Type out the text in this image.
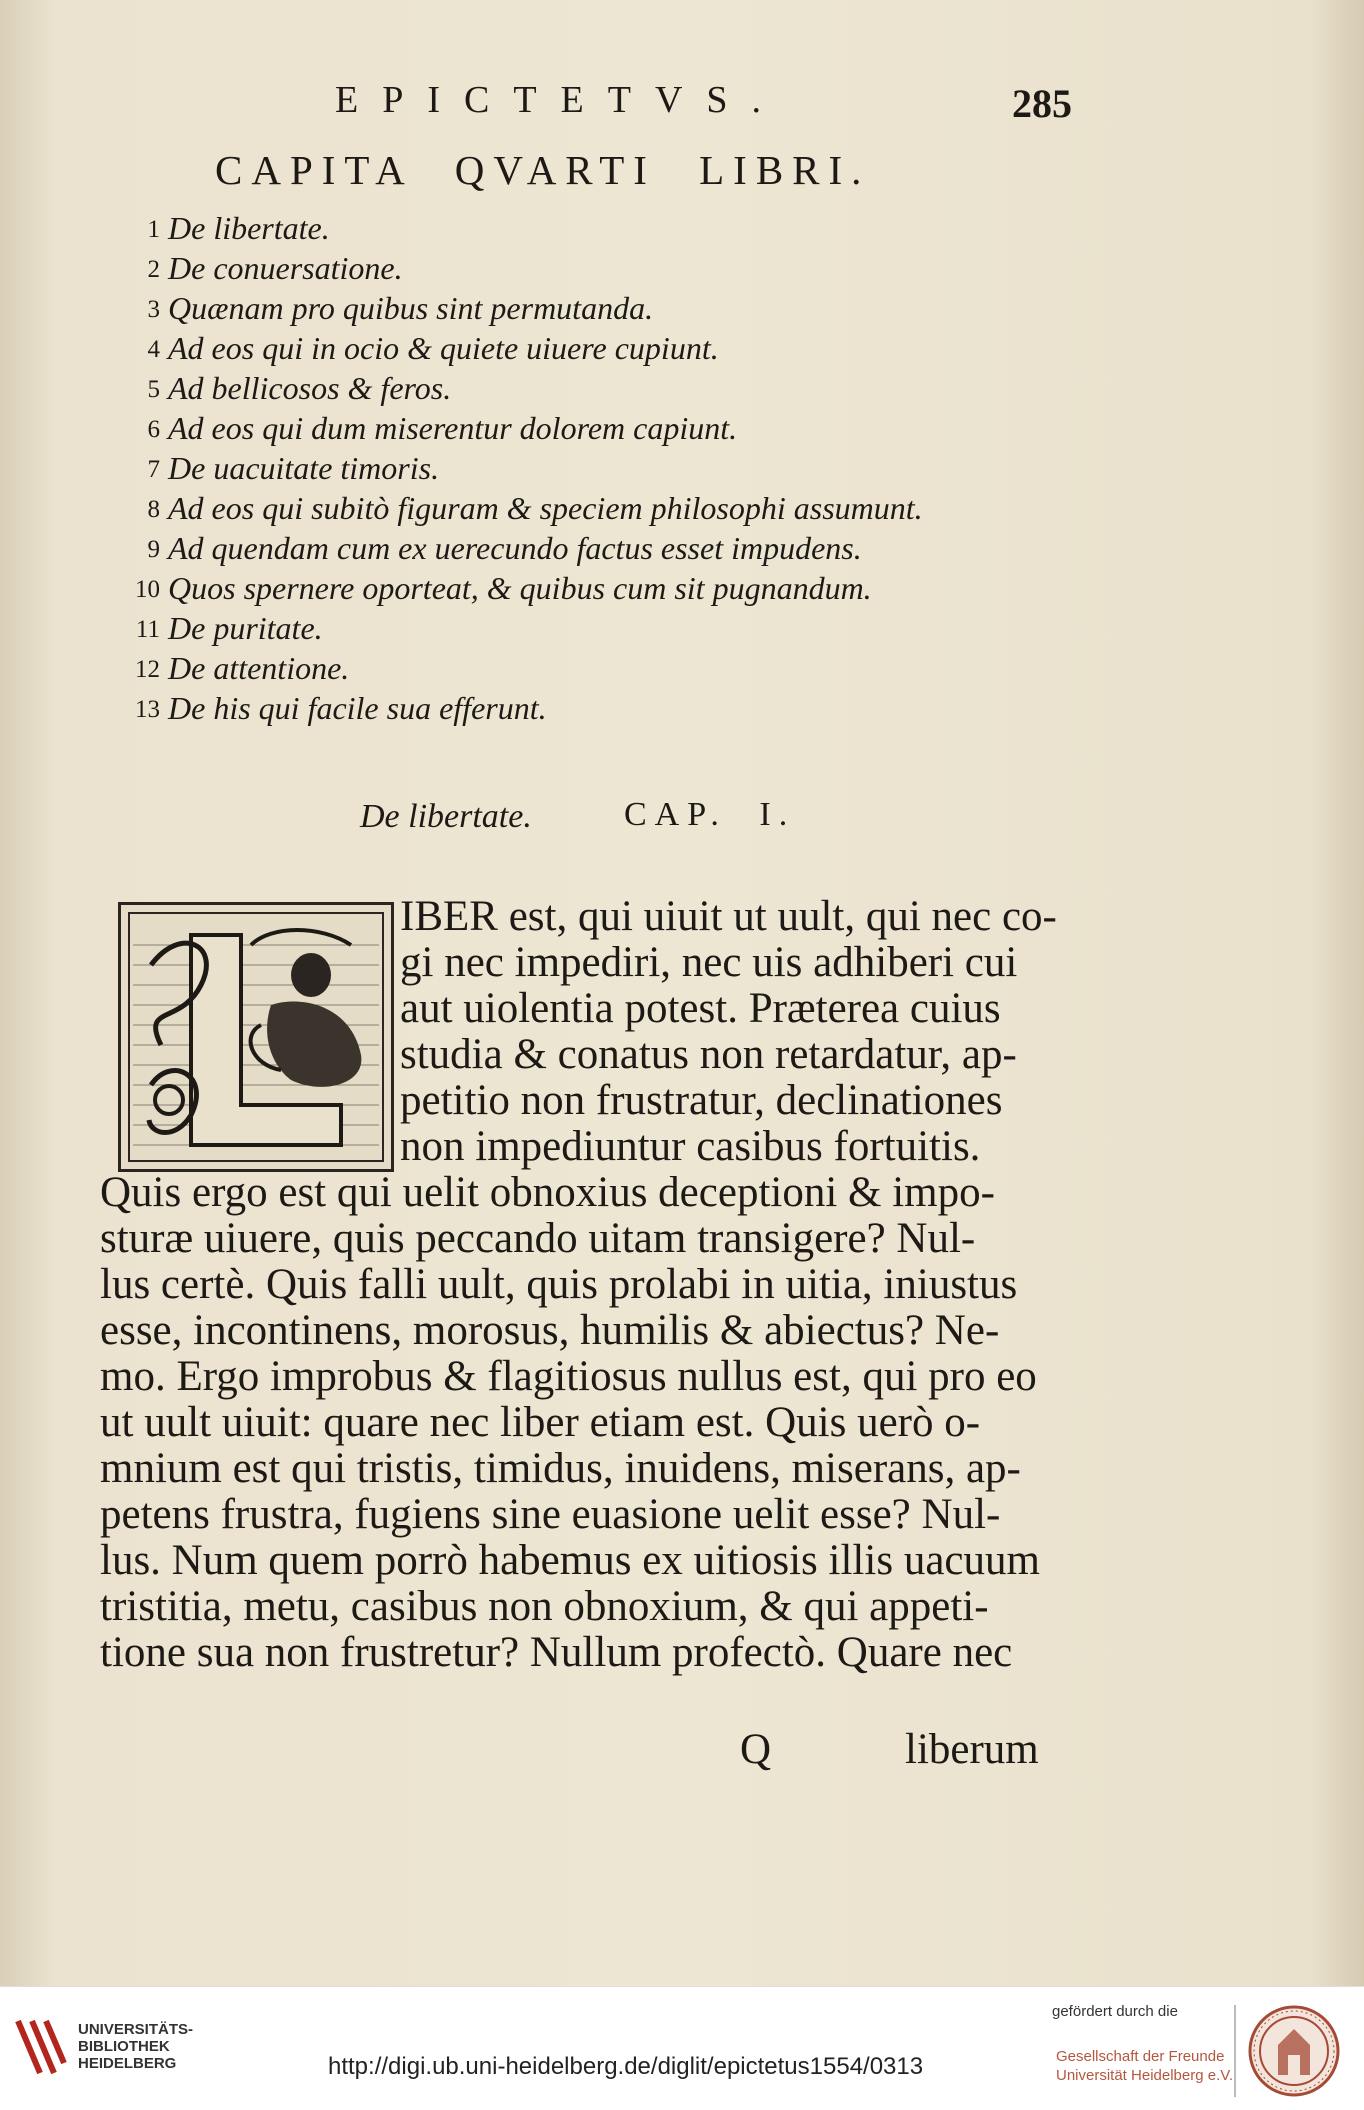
EPICTETVS.	285
CAPITA QVARTI LIBRI.
1 De libertate.
2 De conuersatione.
3 Quænam pro quibus sint permutanda.
4 Ad eos qui in ocio & quiete uiuere cupiunt.
5 Ad bellicosos & feros.
6 Ad eos qui dum miserentur dolorem capiunt.
7 De uacuitate timoris.
8 Ad eos qui subitò figuram & speciem philosophi assumunt.
9 Ad quendam cum ex uerecundo factus esset impudens.
10 Quos spernere oporteat, & quibus cum sit pugnandum.
11 De puritate.
12 De attentione.
13 De his qui facile sua efferunt.
De libertate.	CAP. I.
IBER est, qui uiuit ut uult, qui nec co-
gi nec impediri, nec uis adhiberi cui
aut uiolentia potest. Præterea cuius
studia & conatus non retardatur, ap-
petitio non frustratur, declinationes
non impediuntur casibus fortuitis.
Quis ergo est qui uelit obnoxius deceptioni & impo-
sturæ uiuere, quis peccando uitam transigere? Nul-
lus certè. Quis falli uult, quis prolabi in uitia, iniustus
esse, incontinens, morosus, humilis & abiectus? Ne-
mo. Ergo improbus & flagitiosus nullus est, qui pro eo
ut uult uiuit: quare nec liber etiam est. Quis uerò o-
mnium est qui tristis, timidus, inuidens, miserans, ap-
petens frustra, fugiens sine euasione uelit esse? Nul-
lus. Num quem porrò habemus ex uitiosis illis uacuum
tristitia, metu, casibus non obnoxium, & qui appeti-
tione sua non frustretur? Nullum profectò. Quare nec
Q	liberum
UNIVERSITÄTS-
BIBLIOTHEK
HEIDELBERG	http://digi.ub.uni-heidelberg.de/diglit/epictetus1554/0313
gefördert durch die
Gesellschaft der Freunde
Universität Heidelberg e.V.
